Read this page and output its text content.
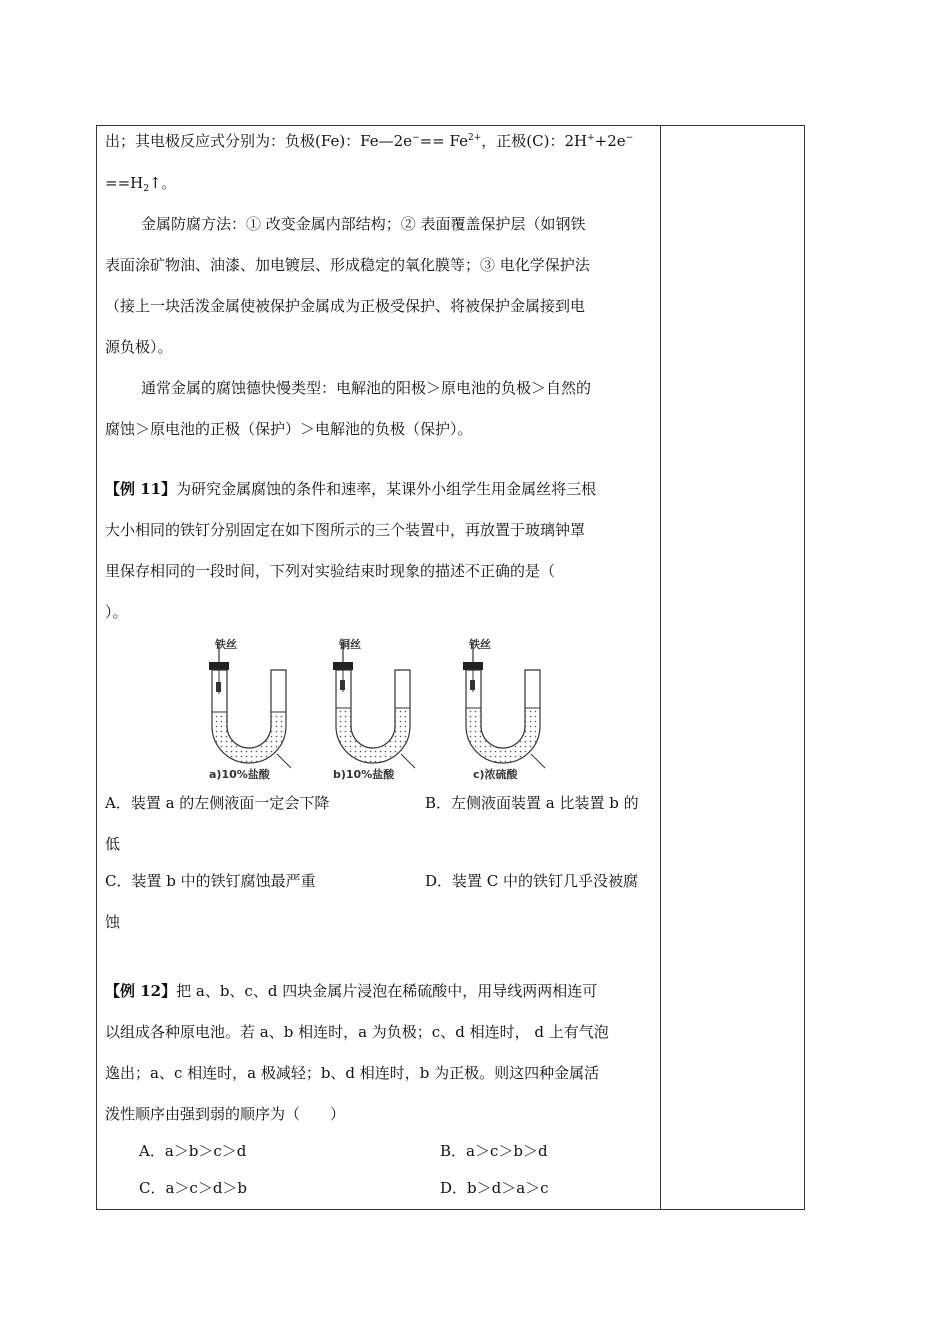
出；其电极反应式分别为：负极(Fe)：Fe—2e−== $Fe^{2+}$，正极(C)：2H++2e−
$==H_2↑$。
金属防腐方法：① 改变金属内部结构；② 表面覆盖保护层（如钢铁
表面涂矿物油、油漆、加电镀层、形成稳定的氧化膜等；③ 电化学保护法
（接上一块活泼金属使被保护金属成为正极受保护、将被保护金属接到电
源负极）。
通常金属的腐蚀德快慢类型：电解池的阳极＞原电池的负极＞自然的
腐蚀＞原电池的正极（保护）＞电解池的负极（保护）。
【例 11】为研究金属腐蚀的条件和速率，某课外小组学生用金属丝将三根
大小相同的铁钉分别固定在如下图所示的三个装置中，再放置于玻璃钟罩
里保存相同的一段时间，下列对实验结束时现象的描述不正确的是（
）。
铁丝
a)10%盐酸
铜丝
b)10%盐酸
铁丝
c)浓硫酸
A．装置 a 的左侧液面一定会下降	B．左侧液面装置 a 比装置 b 的
低
C．装置 b 中的铁钉腐蚀最严重	D．装置 C 中的铁钉几乎没被腐
蚀
【例 12】把 a、b、c、d 四块金属片浸泡在稀硫酸中，用导线两两相连可
以组成各种原电池。若 a、b 相连时，a 为负极；c、d 相连时， d 上有气泡
逸出；a、c 相连时，a 极减轻；b、d 相连时，b 为正极。则这四种金属活
泼性顺序由强到弱的顺序为（　　）
A．a＞b＞c＞d	B．a＞c＞b＞d
C．a＞c＞d＞b	D．b＞d＞a＞c
